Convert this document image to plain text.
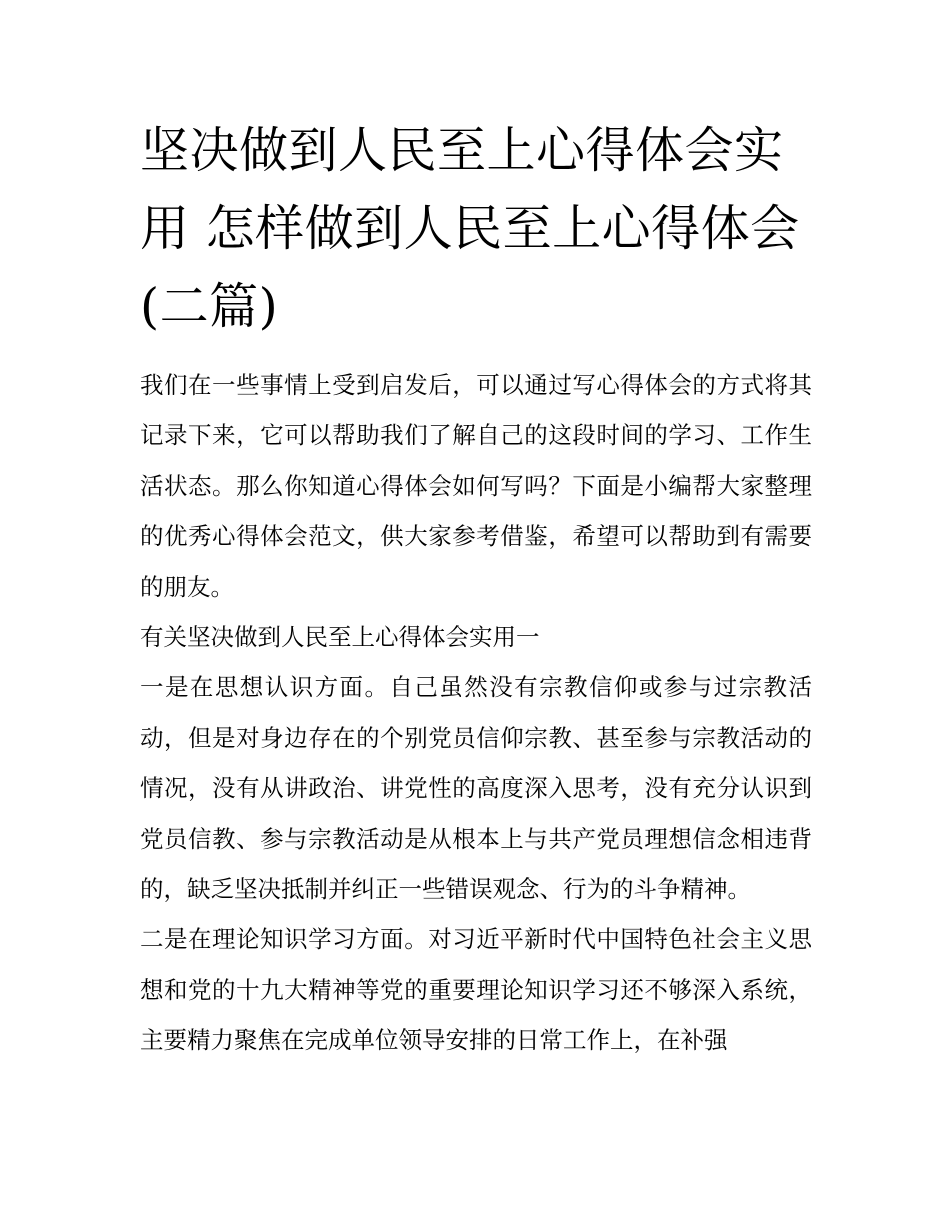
坚决做到人民至上心得体会实用 怎样做到人民至上心得体会(二篇)

我们在一些事情上受到启发后，可以通过写心得体会的方式将其记录下来，它可以帮助我们了解自己的这段时间的学习、工作生活状态。那么你知道心得体会如何写吗？下面是小编帮大家整理的优秀心得体会范文，供大家参考借鉴，希望可以帮助到有需要的朋友。

有关坚决做到人民至上心得体会实用一

一是在思想认识方面。自己虽然没有宗教信仰或参与过宗教活动，但是对身边存在的个别党员信仰宗教、甚至参与宗教活动的情况，没有从讲政治、讲党性的高度深入思考，没有充分认识到党员信教、参与宗教活动是从根本上与共产党员理想信念相违背的，缺乏坚决抵制并纠正一些错误观念、行为的斗争精神。

二是在理论知识学习方面。对习近平新时代中国特色社会主义思想和党的十九大精神等党的重要理论知识学习还不够深入系统，主要精力聚焦在完成单位领导安排的日常工作上，在补强
